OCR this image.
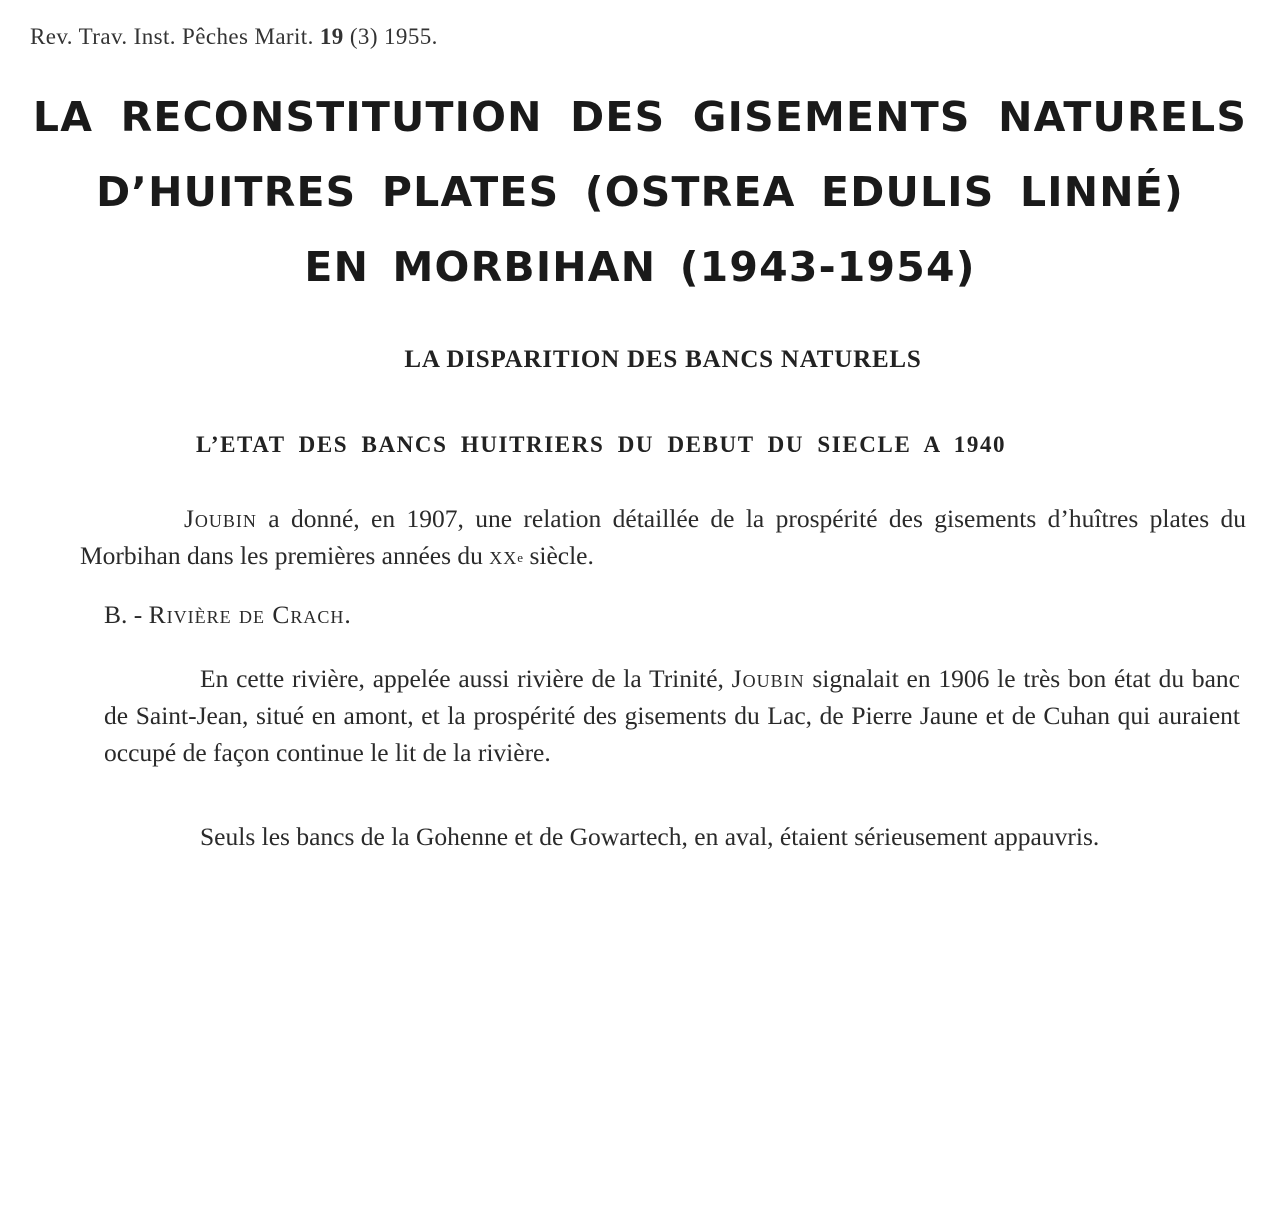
Rev. Trav. Inst. Pêches Marit. 19 (3) 1955.
LA RECONSTITUTION DES GISEMENTS NATURELS
D’HUITRES PLATES (OSTREA EDULIS LINNÉ)
EN MORBIHAN (1943-1954)
LA DISPARITION DES BANCS NATURELS
L’ETAT DES BANCS HUITRIERS DU DEBUT DU SIECLE A 1940

Joubin a donné, en 1907, une relation détaillée de la prospérité des gisements d’huîtres plates du Morbihan dans les premières années du $xx^e$ siècle.

B. - Rivière de Crach.

En cette rivière, appelée aussi rivière de la Trinité, Joubin signalait en 1906 le très bon état du banc de Saint-Jean, situé en amont, et la prospérité des gisements du Lac, de Pierre Jaune et de Cuhan qui auraient occupé de façon continue le lit de la rivière.

Seuls les bancs de la Gohenne et de Gowartech, en aval, étaient sérieusement appauvris.
